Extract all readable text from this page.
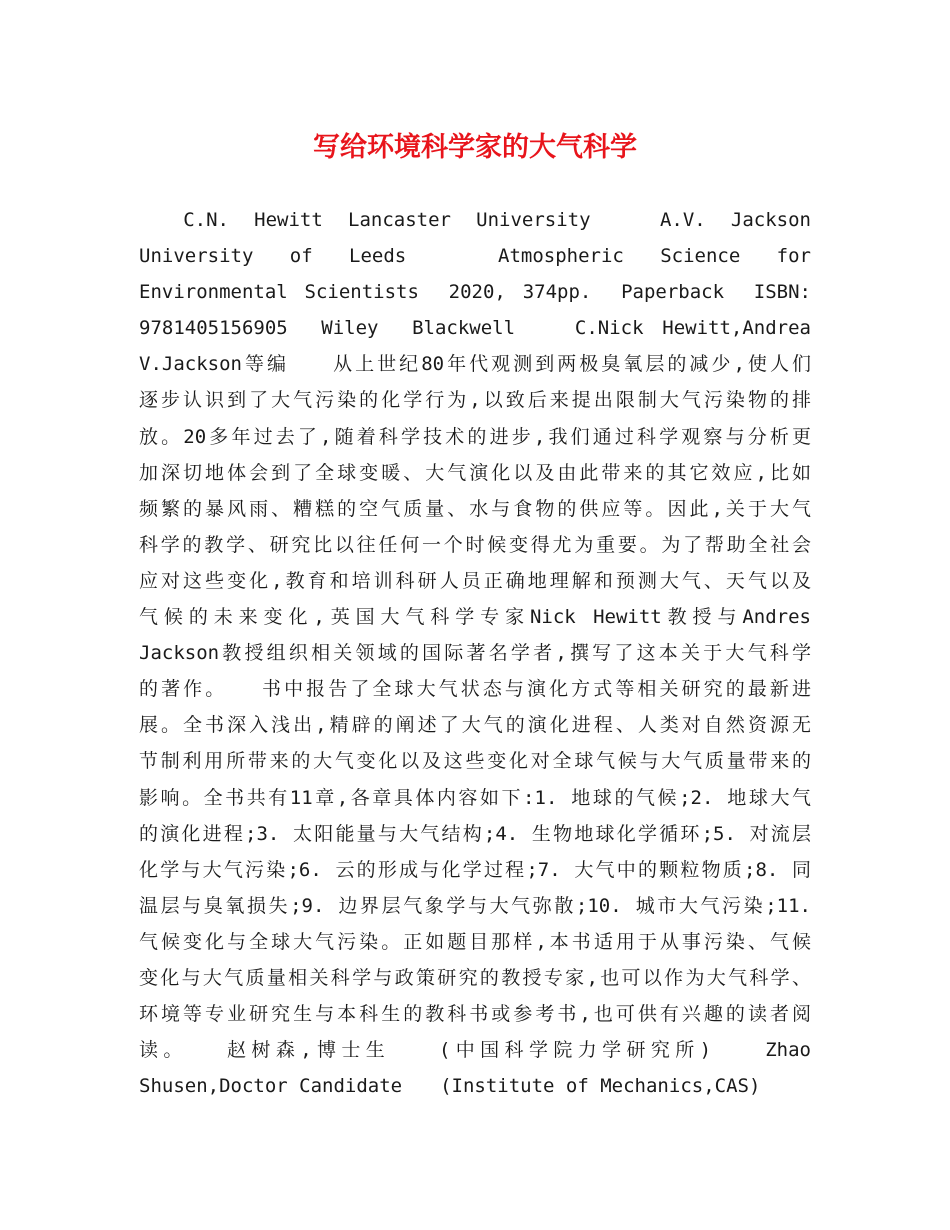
写给环境科学家的大气科学
　　C.N.　Hewitt　Lancaster　University　　　A.V.　Jackson
University　of　Leeds　　　Atmospheric　Science　for
Environmental Scientists　2020, 374pp.　Paperback　ISBN:
9781405156905　Wiley　Blackwell　　C.Nick Hewitt,Andrea
V.Jackson等编　　从上世纪80年代观测到两极臭氧层的减少,使人们
逐步认识到了大气污染的化学行为,以致后来提出限制大气污染物的排
放。20多年过去了,随着科学技术的进步,我们通过科学观察与分析更
加深切地体会到了全球变暖、大气演化以及由此带来的其它效应,比如
频繁的暴风雨、糟糕的空气质量、水与食物的供应等。因此,关于大气
科学的教学、研究比以往任何一个时候变得尤为重要。为了帮助全社会
应对这些变化,教育和培训科研人员正确地理解和预测大气、天气以及
气候的未来变化,英国大气科学专家Nick Hewitt教授与Andres
Jackson教授组织相关领域的国际著名学者,撰写了这本关于大气科学
的著作。　　书中报告了全球大气状态与演化方式等相关研究的最新进
展。全书深入浅出,精辟的阐述了大气的演化进程、人类对自然资源无
节制利用所带来的大气变化以及这些变化对全球气候与大气质量带来的
影响。全书共有11章,各章具体内容如下:1. 地球的气候;2. 地球大气
的演化进程;3. 太阳能量与大气结构;4. 生物地球化学循环;5. 对流层
化学与大气污染;6. 云的形成与化学过程;7. 大气中的颗粒物质;8. 同
温层与臭氧损失;9. 边界层气象学与大气弥散;10. 城市大气污染;11.
气候变化与全球大气污染。正如题目那样,本书适用于从事污染、气候
变化与大气质量相关科学与政策研究的教授专家,也可以作为大气科学、
环境等专业研究生与本科生的教科书或参考书,也可供有兴趣的读者阅
读。　　赵树森,博士生　　(中国科学院力学研究所)　　Zhao
Shusen,Doctor Candidate　　(Institute of Mechanics,CAS)
